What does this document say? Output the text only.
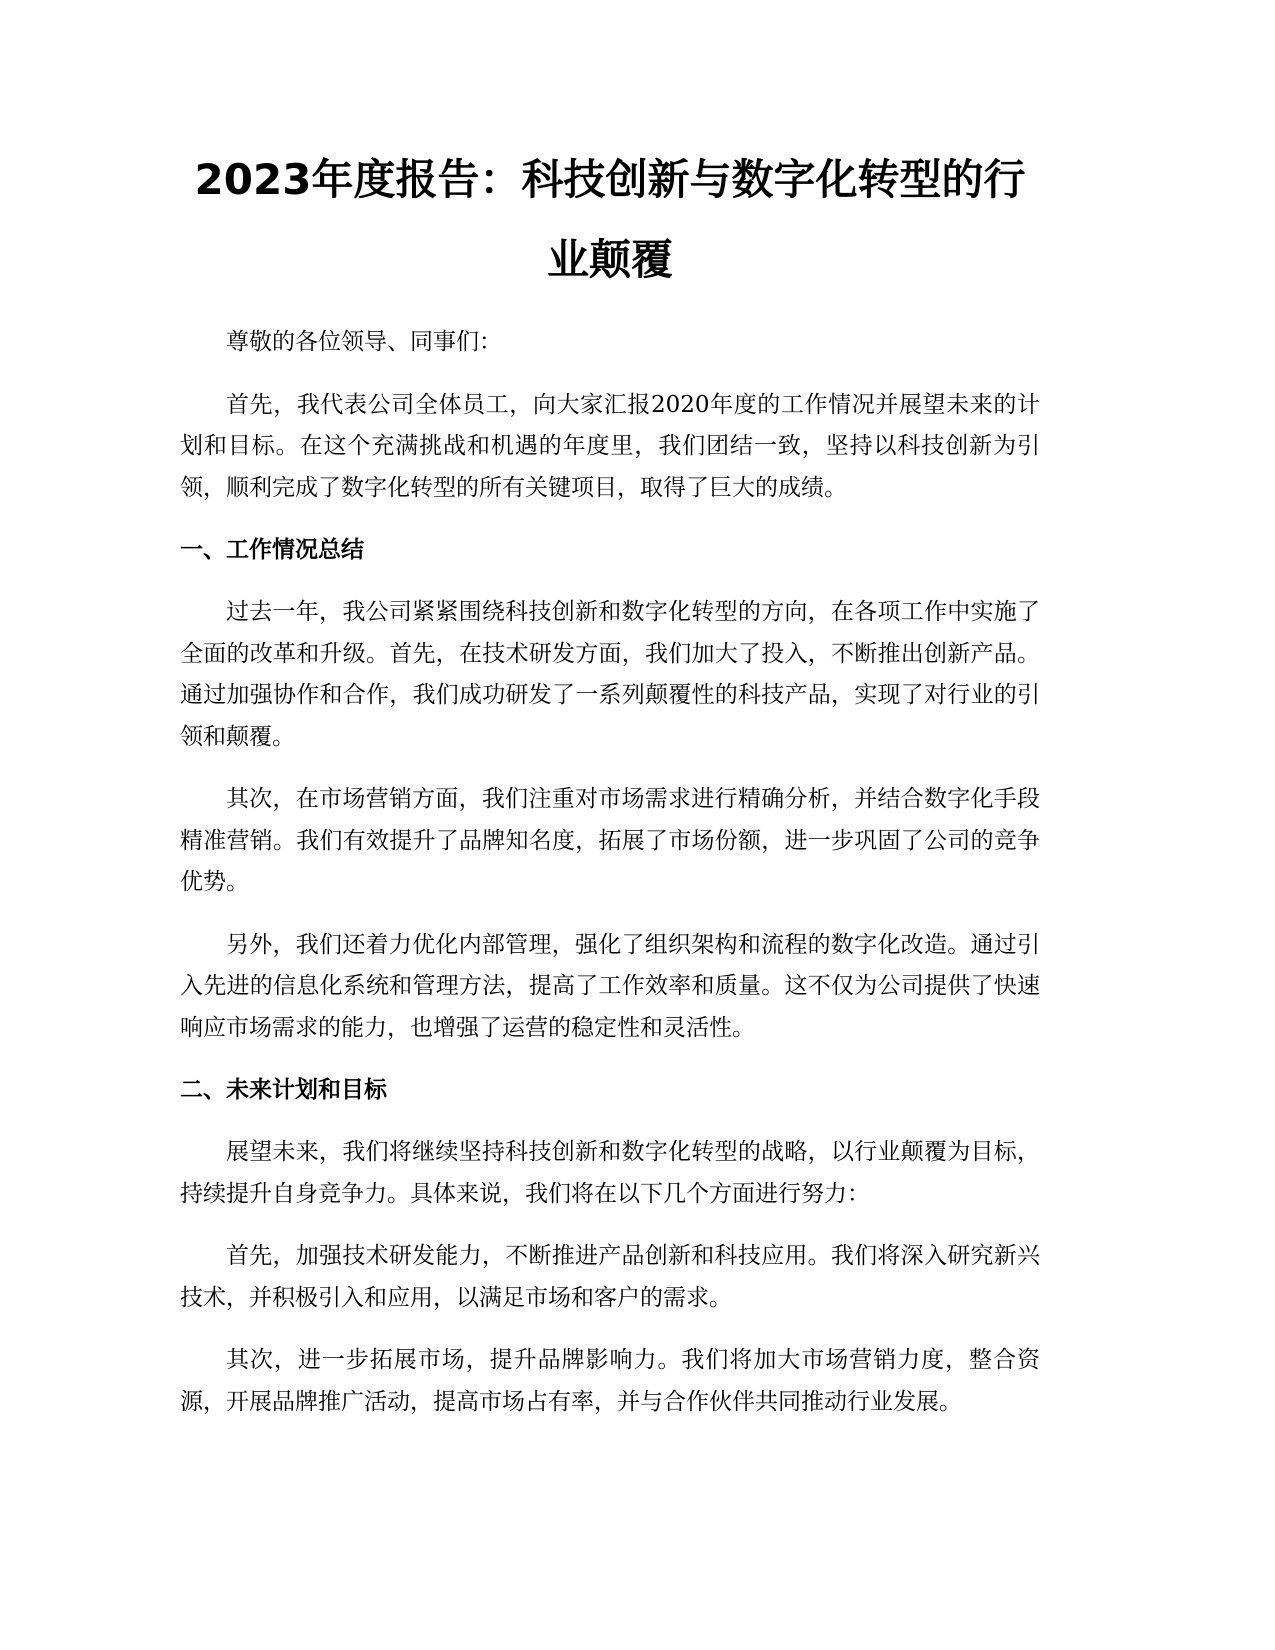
2023年度报告：科技创新与数字化转型的行业颠覆

尊敬的各位领导、同事们：

首先，我代表公司全体员工，向大家汇报2020年度的工作情况并展望未来的计划和目标。在这个充满挑战和机遇的年度里，我们团结一致，坚持以科技创新为引领，顺利完成了数字化转型的所有关键项目，取得了巨大的成绩。

一、工作情况总结

过去一年，我公司紧紧围绕科技创新和数字化转型的方向，在各项工作中实施了全面的改革和升级。首先，在技术研发方面，我们加大了投入，不断推出创新产品。通过加强协作和合作，我们成功研发了一系列颠覆性的科技产品，实现了对行业的引领和颠覆。

其次，在市场营销方面，我们注重对市场需求进行精确分析，并结合数字化手段精准营销。我们有效提升了品牌知名度，拓展了市场份额，进一步巩固了公司的竞争优势。

另外，我们还着力优化内部管理，强化了组织架构和流程的数字化改造。通过引入先进的信息化系统和管理方法，提高了工作效率和质量。这不仅为公司提供了快速响应市场需求的能力，也增强了运营的稳定性和灵活性。

二、未来计划和目标

展望未来，我们将继续坚持科技创新和数字化转型的战略，以行业颠覆为目标，持续提升自身竞争力。具体来说，我们将在以下几个方面进行努力：

首先，加强技术研发能力，不断推进产品创新和科技应用。我们将深入研究新兴技术，并积极引入和应用，以满足市场和客户的需求。

其次，进一步拓展市场，提升品牌影响力。我们将加大市场营销力度，整合资源，开展品牌推广活动，提高市场占有率，并与合作伙伴共同推动行业发展。
